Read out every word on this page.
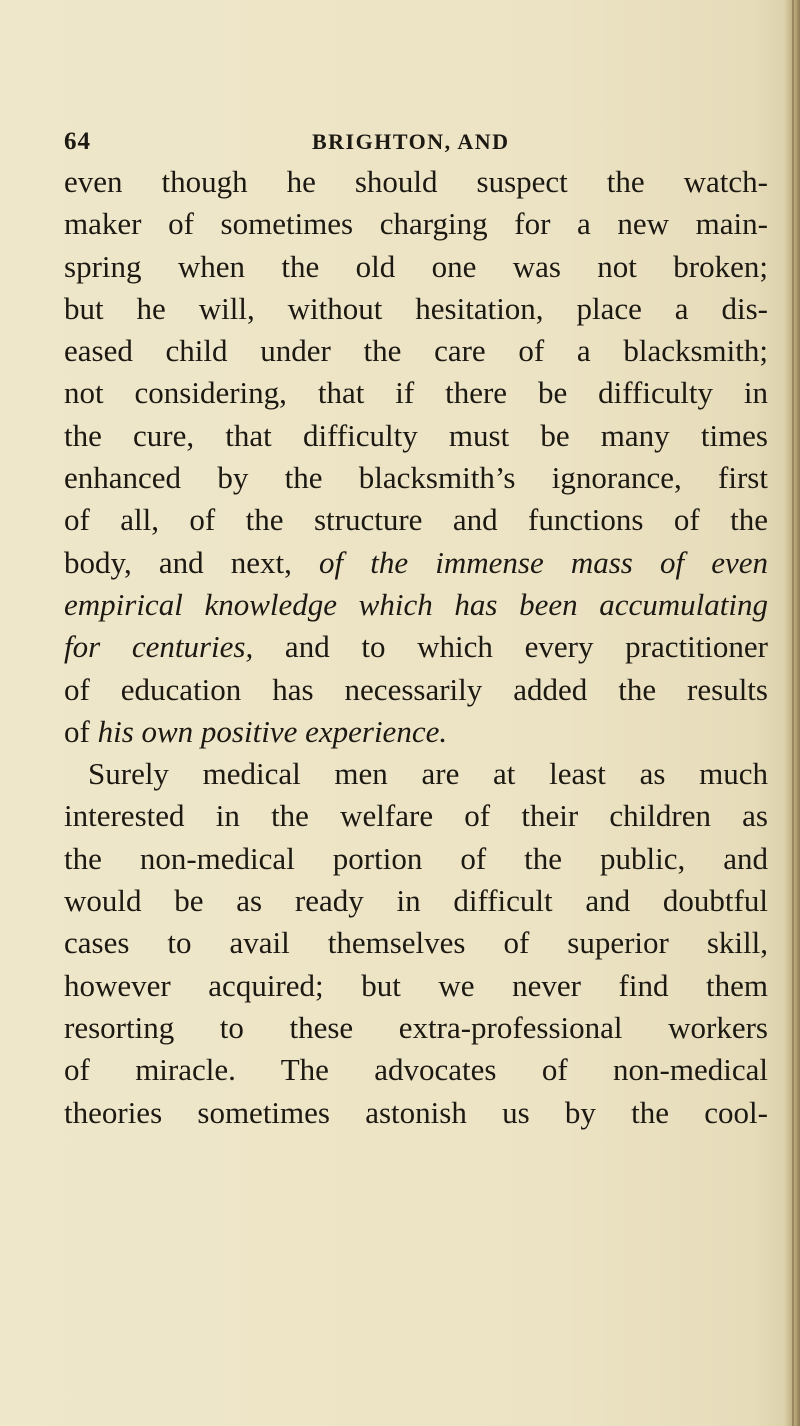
64	BRIGHTON, AND
even though he should suspect the watch-
maker of sometimes charging for a new main-
spring when the old one was not broken;
but he will, without hesitation, place a dis-
eased child under the care of a blacksmith;
not considering, that if there be difficulty in
the cure, that difficulty must be many times
enhanced by the blacksmith’s ignorance, first
of all, of the structure and functions of the
body, and next, of the immense mass of even
empirical knowledge which has been accumulating
for centuries, and to which every practitioner
of education has necessarily added the results
of his own positive experience.
Surely medical men are at least as much
interested in the welfare of their children as
the non-medical portion of the public, and
would be as ready in difficult and doubtful
cases to avail themselves of superior skill,
however acquired; but we never find them
resorting to these extra-professional workers
of miracle. The advocates of non-medical
theories sometimes astonish us by the cool-
